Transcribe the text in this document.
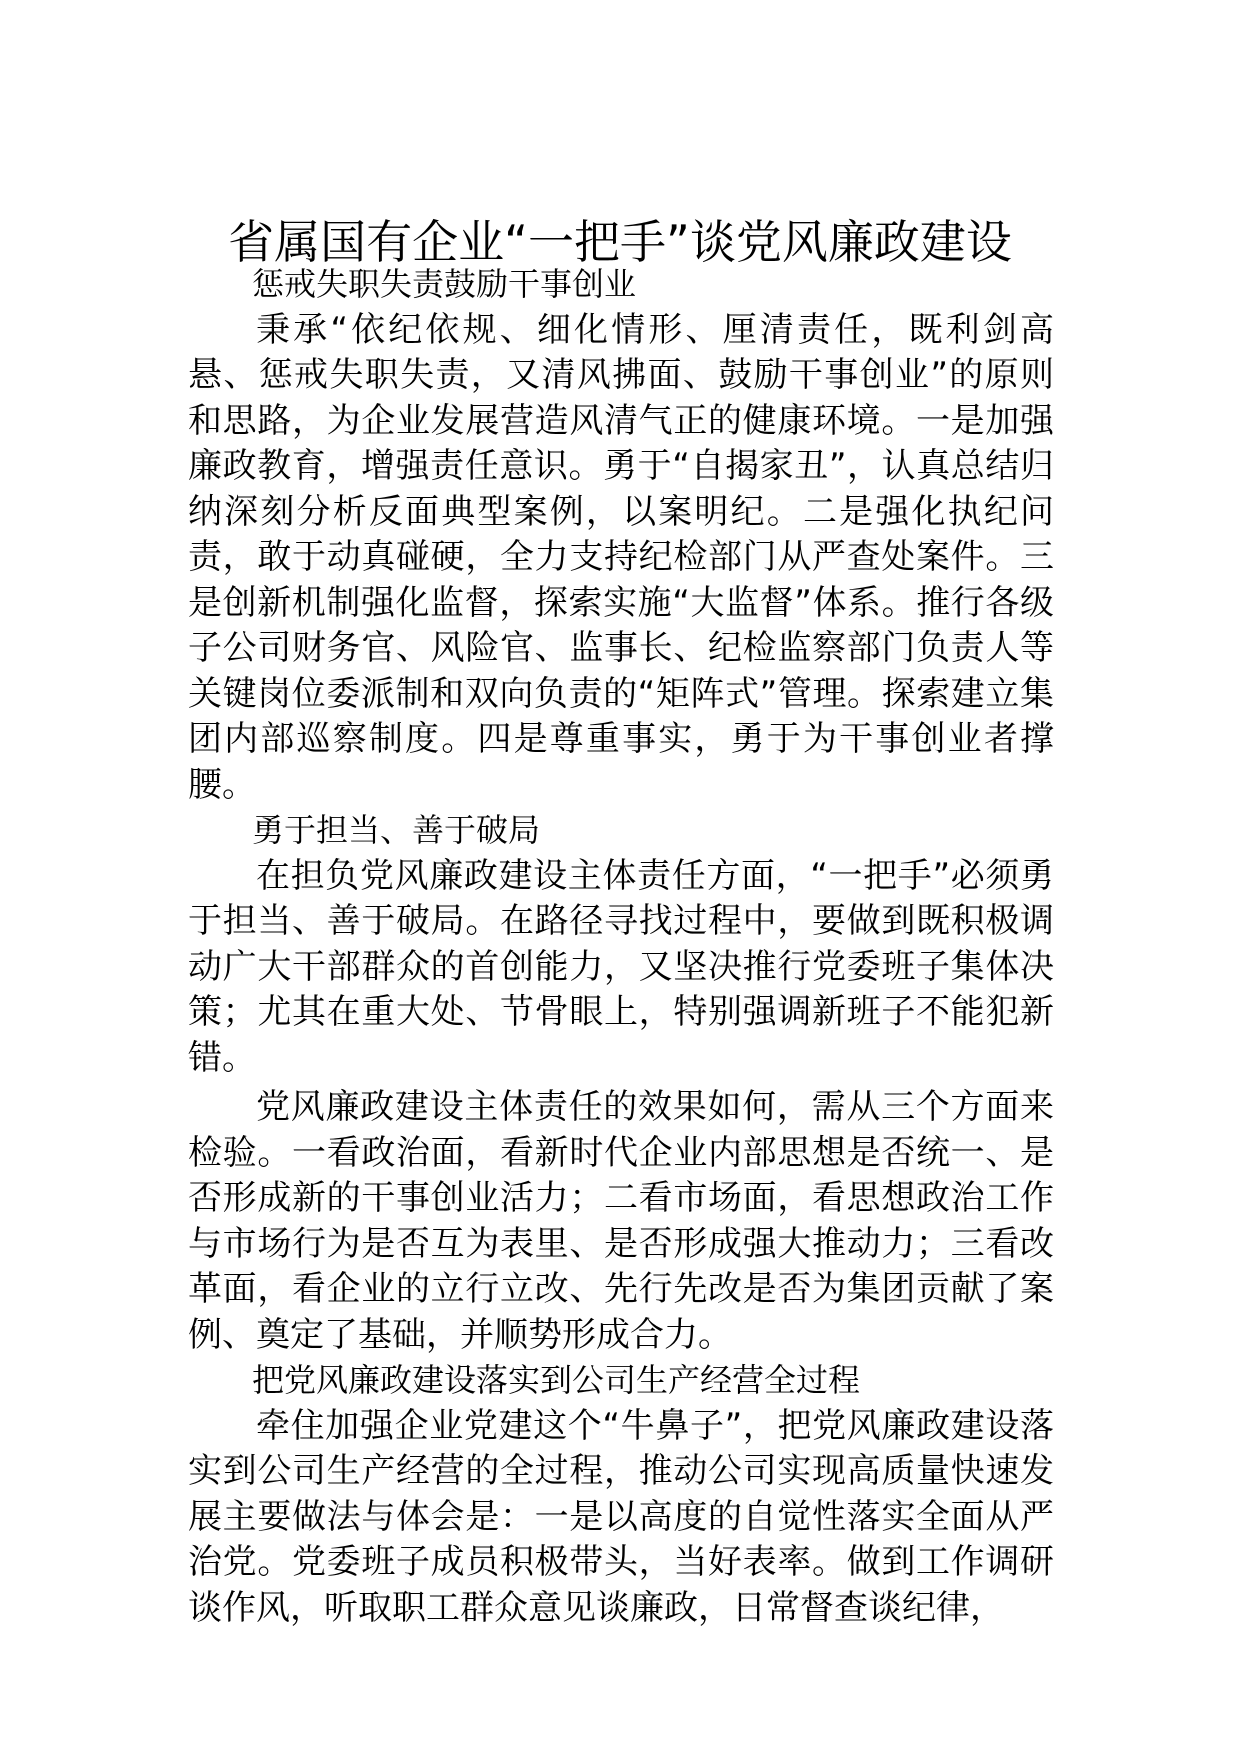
省属国有企业“一把手”谈党风廉政建设
惩戒失职失责鼓励干事创业

秉承“依纪依规、细化情形、厘清责任，既利剑高悬、惩戒失职失责，又清风拂面、鼓励干事创业”的原则和思路，为企业发展营造风清气正的健康环境。一是加强廉政教育，增强责任意识。勇于“自揭家丑”，认真总结归纳深刻分析反面典型案例，以案明纪。二是强化执纪问责，敢于动真碰硬，全力支持纪检部门从严查处案件。三是创新机制强化监督，探索实施“大监督”体系。推行各级子公司财务官、风险官、监事长、纪检监察部门负责人等关键岗位委派制和双向负责的“矩阵式”管理。探索建立集团内部巡察制度。四是尊重事实，勇于为干事创业者撑腰。

勇于担当、善于破局

在担负党风廉政建设主体责任方面，“一把手”必须勇于担当、善于破局。在路径寻找过程中，要做到既积极调动广大干部群众的首创能力，又坚决推行党委班子集体决策；尤其在重大处、节骨眼上，特别强调新班子不能犯新错。

党风廉政建设主体责任的效果如何，需从三个方面来检验。一看政治面，看新时代企业内部思想是否统一、是否形成新的干事创业活力；二看市场面，看思想政治工作与市场行为是否互为表里、是否形成强大推动力；三看改革面，看企业的立行立改、先行先改是否为集团贡献了案例、奠定了基础，并顺势形成合力。

把党风廉政建设落实到公司生产经营全过程

牵住加强企业党建这个“牛鼻子”，把党风廉政建设落实到公司生产经营的全过程，推动公司实现高质量快速发展主要做法与体会是：一是以高度的自觉性落实全面从严治党。党委班子成员积极带头，当好表率。做到工作调研谈作风，听取职工群众意见谈廉政，日常督查谈纪律，
